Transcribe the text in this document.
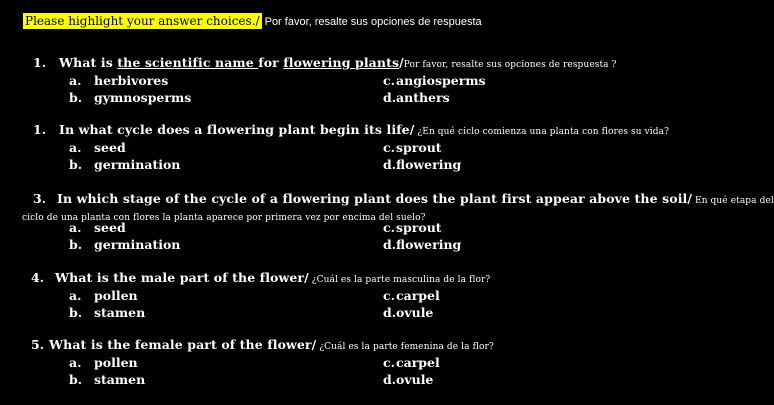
Please highlight your answer choices./ Por favor, resalte sus opciones de respuesta
1. What is the scientific name for flowering plants/Por favor, resalte sus opciones de respuesta ?
a. herbivores	c.angiosperms
b. gymnosperms	d.anthers
1. In what cycle does a flowering plant begin its life/ ¿En qué ciclo comienza una planta con flores su vida?
a. seed	c.sprout
b. germination	d.flowering
3. In which stage of the cycle of a flowering plant does the plant first appear above the soil/ En qué etapa del
ciclo de una planta con flores la planta aparece por primera vez por encima del suelo?
a. seed	c.sprout
b. germination	d.flowering
4. What is the male part of the flower/ ¿Cuál es la parte masculina de la flor?
a. pollen	c.carpel
b. stamen	d.ovule
5. What is the female part of the flower/ ¿Cuál es la parte femenina de la flor?
a. pollen	c.carpel
b. stamen	d.ovule
